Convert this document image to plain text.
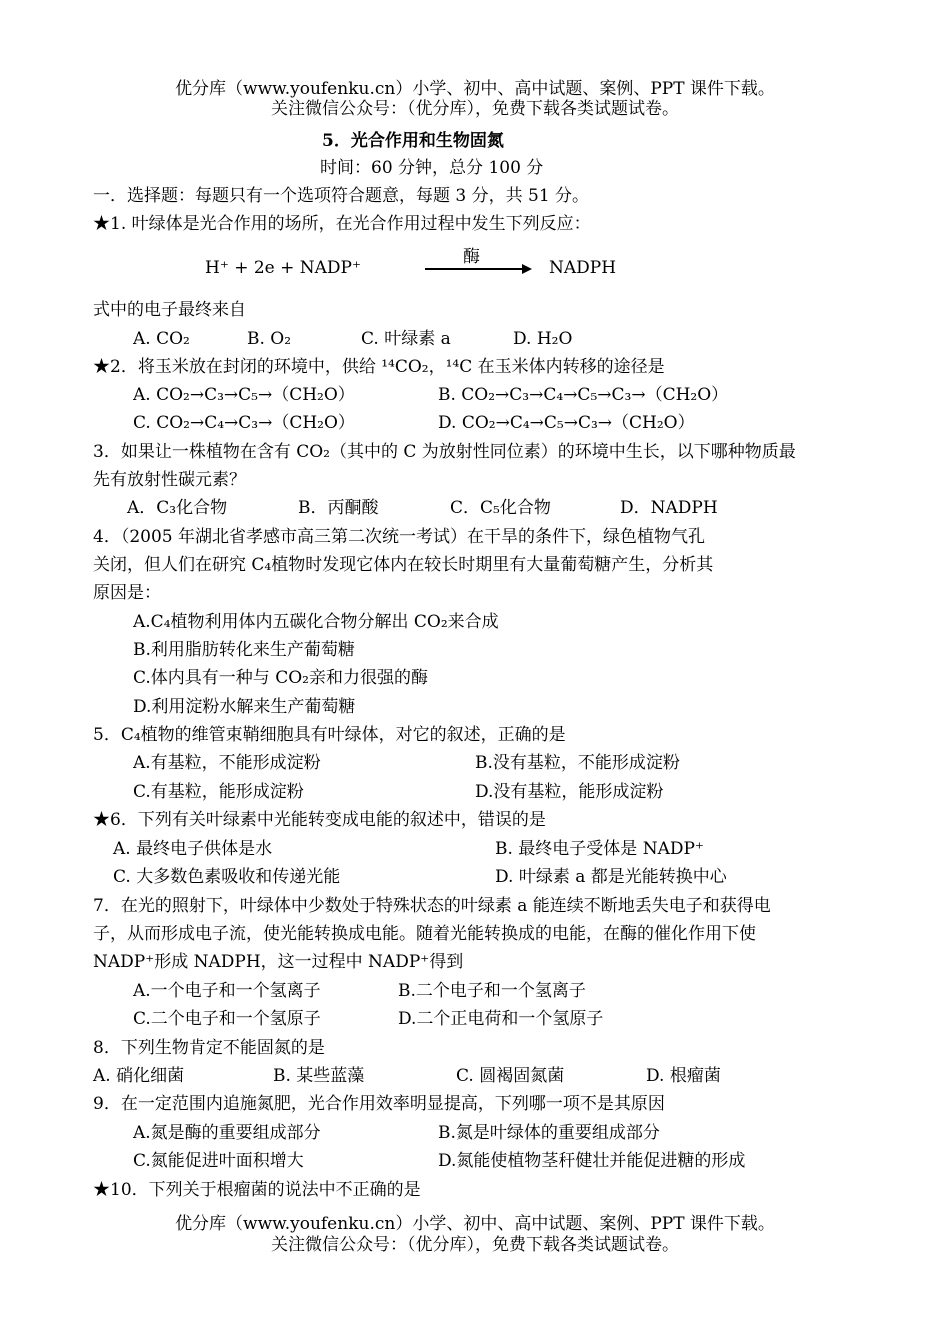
优分库（www.youfenku.cn）小学、初中、高中试题、案例、PPT 课件下载。
关注微信公众号：（优分库），免费下载各类试题试卷。
5．光合作用和生物固氮
时间：60 分钟，总分 100 分
一．选择题：每题只有一个选项符合题意，每题 3 分，共 51 分。
★1. 叶绿体是光合作用的场所，在光合作用过程中发生下列反应：
H⁺ + 2e + NADP⁺
酶
NADPH
式中的电子最终来自
A. CO₂	B. O₂	C. 叶绿素 a	D. H₂O
★2．将玉米放在封闭的环境中，供给 ¹⁴CO₂，¹⁴C 在玉米体内转移的途径是
A. CO₂→C₃→C₅→（CH₂O）	B. CO₂→C₃→C₄→C₅→C₃→（CH₂O）
C. CO₂→C₄→C₃→（CH₂O）	D. CO₂→C₄→C₅→C₃→（CH₂O）
3．如果让一株植物在含有 CO₂（其中的 C 为放射性同位素）的环境中生长，以下哪种物质最
先有放射性碳元素？
A．C₃化合物	B．丙酮酸	C．C₅化合物	D．NADPH
4．（2005 年湖北省孝感市高三第二次统一考试）在干旱的条件下，绿色植物气孔
关闭，但人们在研究 C₄植物时发现它体内在较长时期里有大量葡萄糖产生，分析其
原因是：
A.C₄植物利用体内五碳化合物分解出 CO₂来合成
B.利用脂肪转化来生产葡萄糖
C.体内具有一种与 CO₂亲和力很强的酶
D.利用淀粉水解来生产葡萄糖
5．C₄植物的维管束鞘细胞具有叶绿体，对它的叙述，正确的是
A.有基粒，不能形成淀粉	B.没有基粒，不能形成淀粉
C.有基粒，能形成淀粉	D.没有基粒，能形成淀粉
★6．下列有关叶绿素中光能转变成电能的叙述中，错误的是
A. 最终电子供体是水	B. 最终电子受体是 NADP⁺
C. 大多数色素吸收和传递光能	D. 叶绿素 a 都是光能转换中心
7．在光的照射下，叶绿体中少数处于特殊状态的叶绿素 a 能连续不断地丢失电子和获得电
子，从而形成电子流，使光能转换成电能。随着光能转换成的电能，在酶的催化作用下使
NADP⁺形成 NADPH，这一过程中 NADP⁺得到
A.一个电子和一个氢离子	B.二个电子和一个氢离子
C.二个电子和一个氢原子	D.二个正电荷和一个氢原子
8．下列生物肯定不能固氮的是
A. 硝化细菌	B. 某些蓝藻	C. 圆褐固氮菌	D. 根瘤菌
9．在一定范围内追施氮肥，光合作用效率明显提高，下列哪一项不是其原因
A.氮是酶的重要组成部分	B.氮是叶绿体的重要组成部分
C.氮能促进叶面积增大	D.氮能使植物茎秆健壮并能促进糖的形成
★10．下列关于根瘤菌的说法中不正确的是
优分库（www.youfenku.cn）小学、初中、高中试题、案例、PPT 课件下载。
关注微信公众号：（优分库），免费下载各类试题试卷。
